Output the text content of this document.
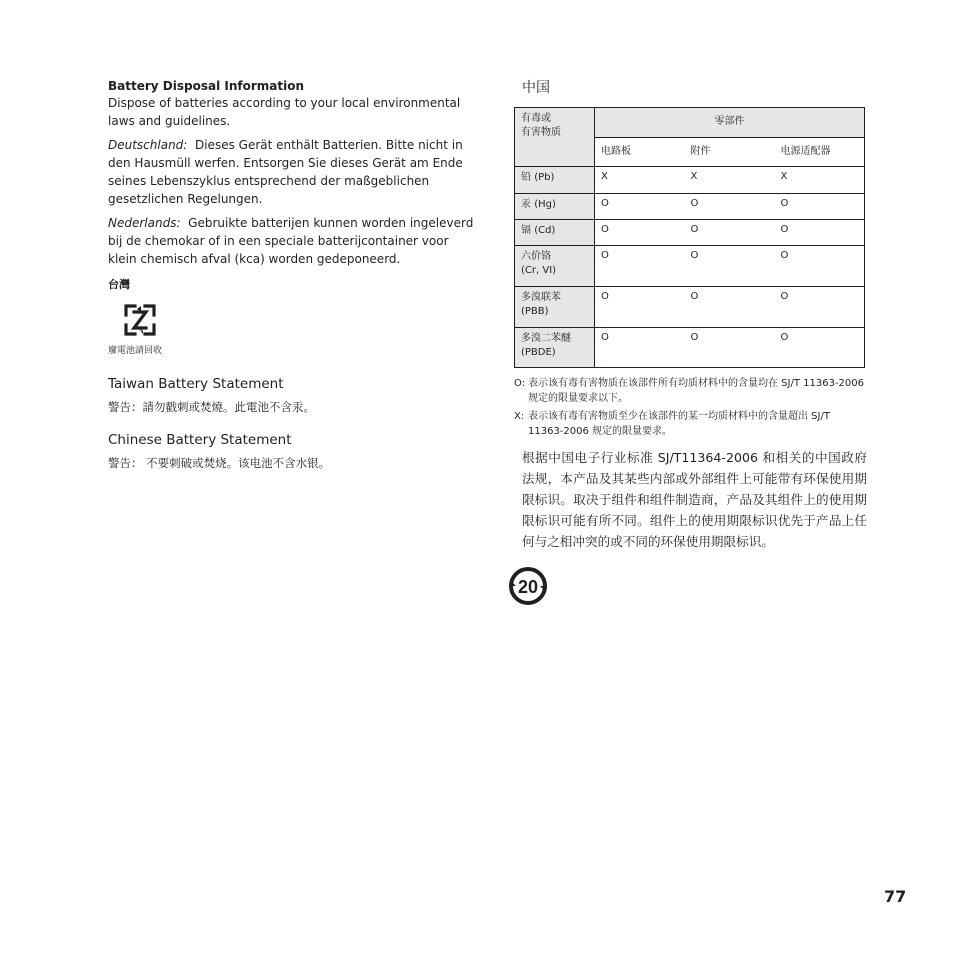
Battery Disposal Information

Dispose of batteries according to your local environmental laws and guidelines.

Deutschland: Dieses Gerät enthält Batterien. Bitte nicht in den Hausmüll werfen. Entsorgen Sie dieses Gerät am Ende seines Lebenszyklus entsprechend der maßgeblichen gesetzlichen Regelungen.

Nederlands: Gebruikte batterijen kunnen worden ingeleverd bij de chemokar of in een speciale batterijcontainer voor klein chemisch afval (kca) worden gedeponeerd.

台灣
廢電池請回收
Taiwan Battery Statement
警告：請勿戳刺或焚燒。此電池不含汞。
Chinese Battery Statement
警告： 不要刺破或焚烧。该电池不含水银。
中国
有毒或
有害物质	零部件		
	电路板	附件	电源适配器
铅 (Pb)	X	X	X
汞 (Hg)	O	O	O
镉 (Cd)	O	O	O

六价铬
(Cr, VI)	O	O	O

多溴联苯
(PBB)	O	O	O

多溴二苯醚
(PBDE)	O	O	O
O: 表示该有毒有害物质在该部件所有均质材料中的含量均在 SJ/T 11363-2006 规定的限量要求以下。
X: 表示该有毒有害物质至少在该部件的某一均质材料中的含量超出 SJ/T 11363-2006 规定的限量要求。
根据中国电子行业标准 SJ/T11364-2006 和相关的中国政府法规，本产品及其某些内部或外部组件上可能带有环保使用期限标识。取决于组件和组件制造商，产品及其组件上的使用期限标识可能有所不同。组件上的使用期限标识优先于产品上任何与之相冲突的或不同的环保使用期限标识。
20
77
